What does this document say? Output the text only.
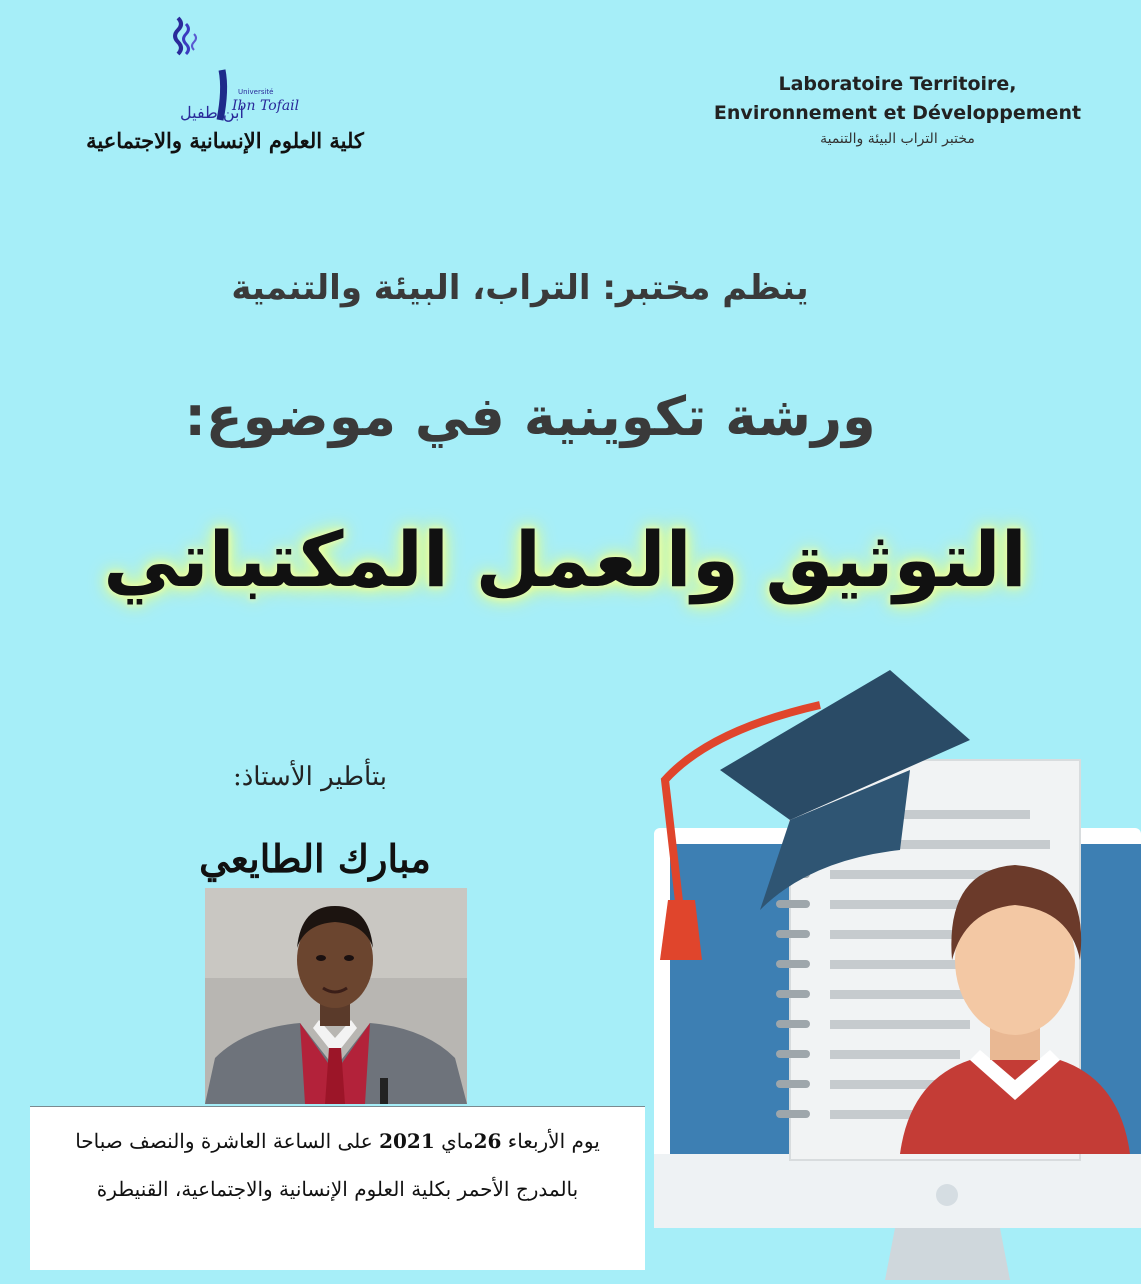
ابن طفيل
Ibn Tofail
Université
كلية العلوم الإنسانية والاجتماعية
Laboratoire Territoire,
Environnement et Développement
مختبر التراب البيئة والتنمية
ينظم مختبر: التراب، البيئة والتنمية
ورشة تكوينية في موضوع:
التوثيق والعمل المكتباتي
بتأطير الأستاذ:
مبارك الطايعي
يوم الأربعاء 26ماي 2021 على الساعة العاشرة والنصف صباحا
بالمدرج الأحمر بكلية العلوم الإنسانية والاجتماعية، القنيطرة
